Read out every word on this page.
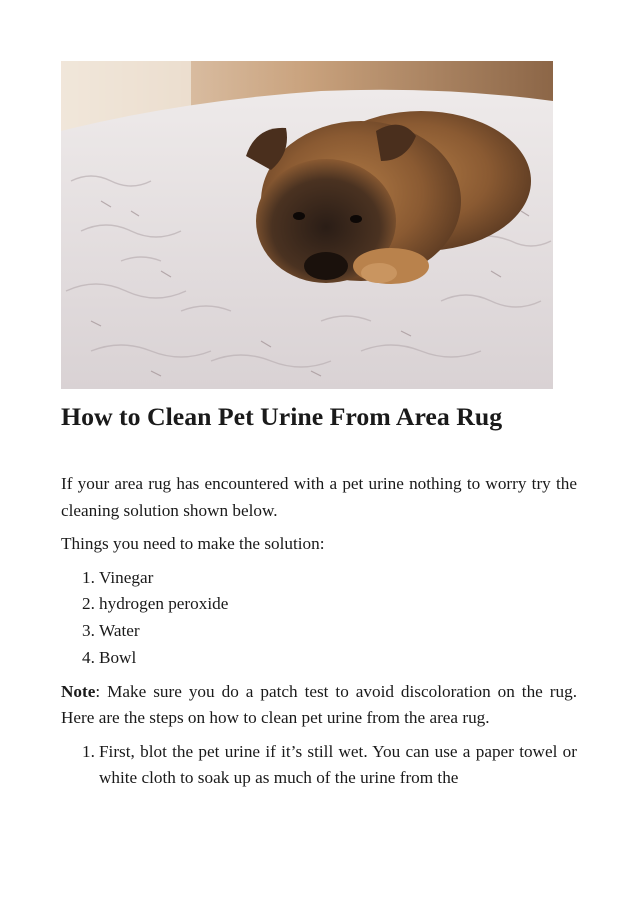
How to Clean Pet Urine From Area Rug

If your area rug has encountered with a pet urine nothing to worry try the cleaning solution shown below.

Things you need to make the solution:

1. Vinegar
2. hydrogen peroxide
3. Water
4. Bowl

Note: Make sure you do a patch test to avoid discoloration on the rug. Here are the steps on how to clean pet urine from the area rug.

1. First, blot the pet urine if it’s still wet. You can use a paper towel or white cloth to soak up as much of the urine from the
